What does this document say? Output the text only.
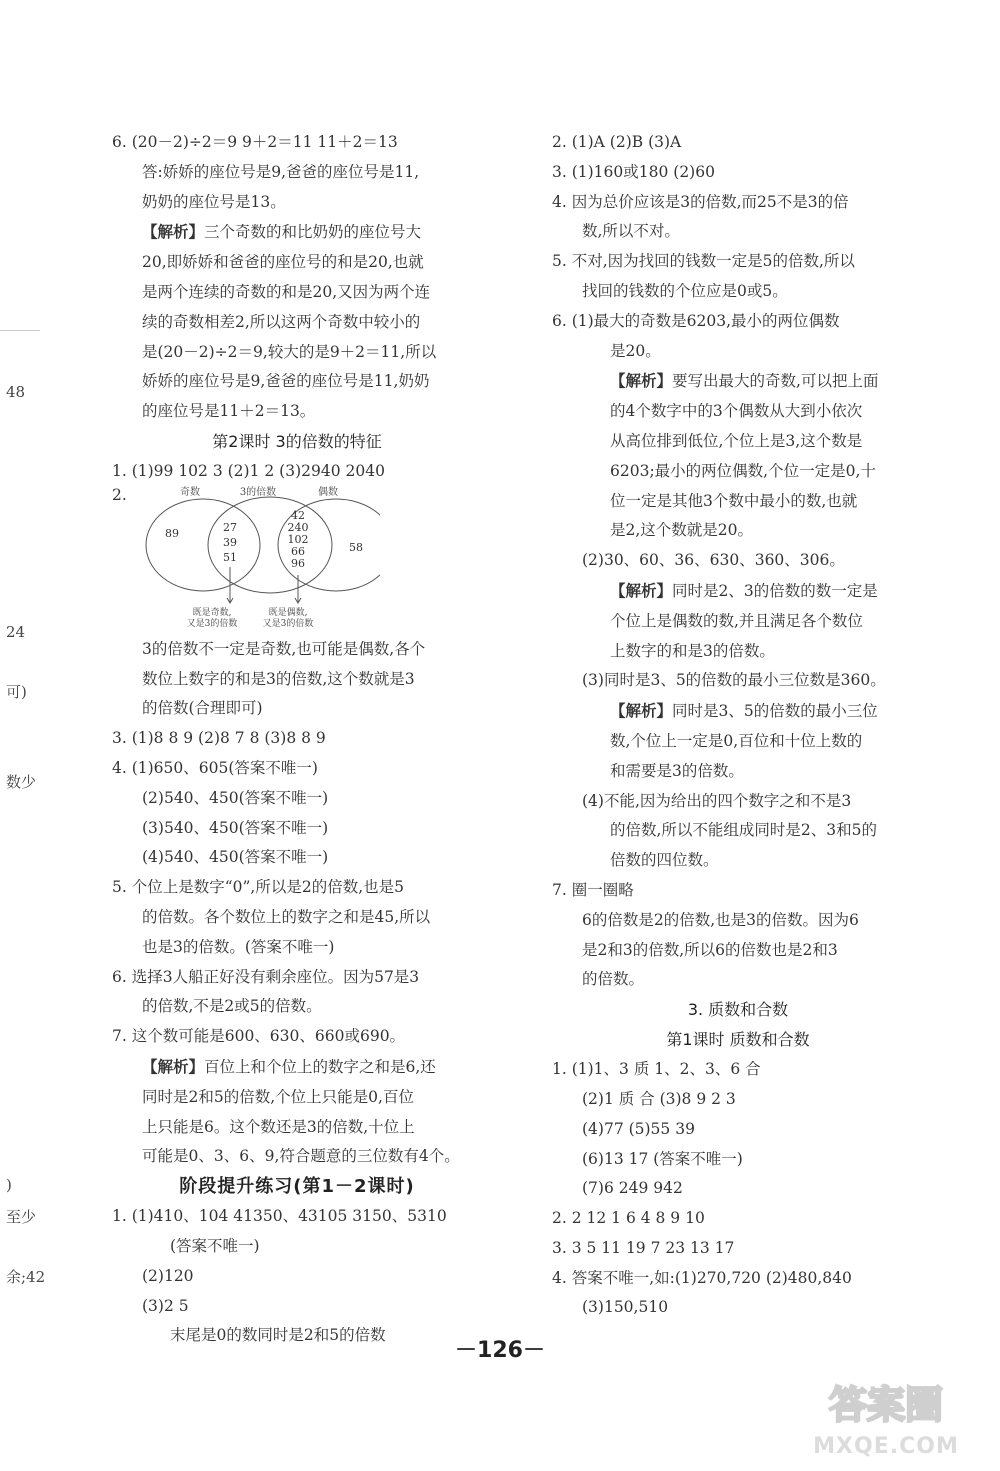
48
24
可)
数少
)
至少
余;42
6. (20－2)÷2＝9 9＋2＝11 11＋2＝13
答:娇娇的座位号是9,爸爸的座位号是11,
奶奶的座位号是13。
【解析】三个奇数的和比奶奶的座位号大
20,即娇娇和爸爸的座位号的和是20,也就
是两个连续的奇数的和是20,又因为两个连
续的奇数相差2,所以这两个奇数中较小的
是(20－2)÷2＝9,较大的是9＋2＝11,所以
娇娇的座位号是9,爸爸的座位号是11,奶奶
的座位号是11＋2＝13。
第2课时 3的倍数的特征
1. (1)99 102 3 (2)1 2 (3)2940 2040
2.	奇数	3的倍数	偶数
89	27
39
51
42
240
102
66
96
58
既是奇数,
又是3的倍数
既是偶数,
又是3的倍数
3的倍数不一定是奇数,也可能是偶数,各个
数位上数字的和是3的倍数,这个数就是3
的倍数(合理即可)
3. (1)8 8 9 (2)8 7 8 (3)8 8 9
4. (1)650、605(答案不唯一)
(2)540、450(答案不唯一)
(3)540、450(答案不唯一)
(4)540、450(答案不唯一)
5. 个位上是数字“0”,所以是2的倍数,也是5
的倍数。各个数位上的数字之和是45,所以
也是3的倍数。(答案不唯一)
6. 选择3人船正好没有剩余座位。因为57是3
的倍数,不是2或5的倍数。
7. 这个数可能是600、630、660或690。
【解析】百位上和个位上的数字之和是6,还
同时是2和5的倍数,个位上只能是0,百位
上只能是6。这个数还是3的倍数,十位上
可能是0、3、6、9,符合题意的三位数有4个。
阶段提升练习(第1－2课时)
1. (1)410、104 41350、43105 3150、5310
(答案不唯一)
(2)120
(3)2 5
末尾是0的数同时是2和5的倍数
2. (1)A (2)B (3)A
3. (1)160或180 (2)60
4. 因为总价应该是3的倍数,而25不是3的倍
数,所以不对。
5. 不对,因为找回的钱数一定是5的倍数,所以
找回的钱数的个位应是0或5。
6. (1)最大的奇数是6203,最小的两位偶数
是20。
【解析】要写出最大的奇数,可以把上面
的4个数字中的3个偶数从大到小依次
从高位排到低位,个位上是3,这个数是
6203;最小的两位偶数,个位一定是0,十
位一定是其他3个数中最小的数,也就
是2,这个数就是20。
(2)30、60、36、630、360、306。
【解析】同时是2、3的倍数的数一定是
个位上是偶数的数,并且满足各个数位
上数字的和是3的倍数。
(3)同时是3、5的倍数的最小三位数是360。
【解析】同时是3、5的倍数的最小三位
数,个位上一定是0,百位和十位上数的
和需要是3的倍数。
(4)不能,因为给出的四个数字之和不是3
的倍数,所以不能组成同时是2、3和5的
倍数的四位数。
7. 圈一圈略
6的倍数是2的倍数,也是3的倍数。因为6
是2和3的倍数,所以6的倍数也是2和3
的倍数。
3. 质数和合数
第1课时 质数和合数
1. (1)1、3 质 1、2、3、6 合
(2)1 质 合 (3)8 9 2 3
(4)77 (5)55 39
(6)13 17 (答案不唯一)
(7)6 249 942
2. 2 12 1 6 4 8 9 10
3. 3 5 11 19 7 23 13 17
4. 答案不唯一,如:(1)270,720 (2)480,840
(3)150,510
－126－
答案圈
MXQE.COM
